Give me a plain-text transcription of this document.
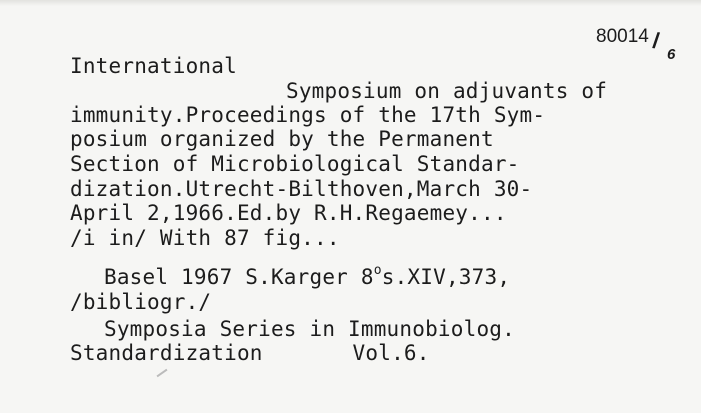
80014 /
6
International
Symposium on adjuvants of
immunity.Proceedings of the 17th Sym-
posium organized by the Permanent
Section of Microbiological Standar-
dization.Utrecht-Bilthoven,March 30-
April 2,1966.Ed.by R.H.Regaemey...
/i in/ With 87 fig...
Basel 1967 S.Karger 8$^o$s.XIV,373,
/bibliogr./
Symposia Series in Immunobiolog.
Standardization       Vol.6.
